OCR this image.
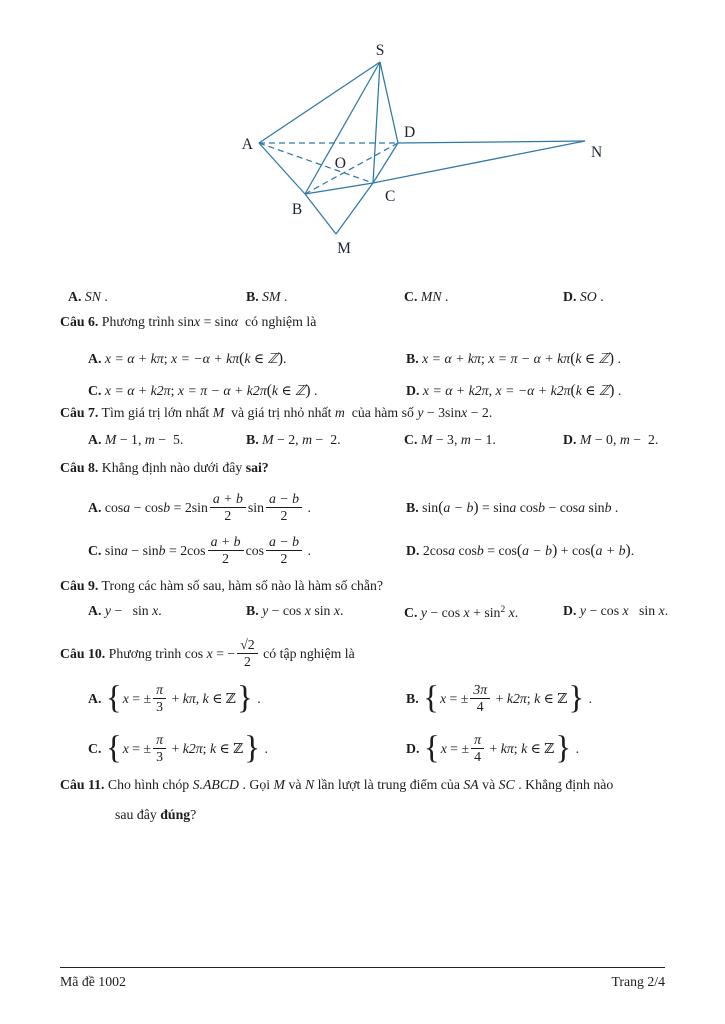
S
A
B
C
D
N
M
O
A. SN .	B. SM .	C. MN .	D. SO .
Câu 6. Phương trình sinx = sinα  có nghiệm là
A. x = α + kπ; x = −α + kπ(k ∈ ℤ).	B. x = α + kπ; x = π − α + kπ(k ∈ ℤ) .
C. x = α + k2π; x = π − α + k2π(k ∈ ℤ) .	D. x = α + k2π, x = −α + k2π(k ∈ ℤ) .
Câu 7. Tìm giá trị lớn nhất M  và giá trị nhỏ nhất m  của hàm số y − 3sinx − 2.
A. M − 1, m −  5.	B. M − 2, m −  2.	C. M − 3, m − 1.	D. M − 0, m −  2.
Câu 8. Khẳng định nào dưới đây sai?
A. $\cos a - \cos b = 2\sin \frac{a + b}{2}$ $\sin \frac{a - b}{2}$ .	B. sin ( a − b ) = sin a cos b − cos a sin b .
C. $\sin a - \sin b = 2\cos \frac{a + b}{2}$ $\cos \frac{a - b}{2}$ .	D. 2cos a cos b = cos ( a − b ) + cos ( a + b ) .
Câu 9. Trong các hàm số sau, hàm số nào là hàm số chẵn?
A. y −   sin x.	B. y − cos x sin x.	C. $y - \cos x + \sin^2 x$.	D. y − cos x   sin x.
Câu 10. Phương trình cos x = − $\frac{√2}{2}$ có tập nghiệm là
A. { x = ± $\frac{\pi}{3} + k\pi$ , k ∈ ℤ } .	B. { x = ± $\frac{3\pi}{4} + k2\pi$ ; k ∈ ℤ } .
C. { x = ± $\frac{\pi}{3} + k2\pi$ ; k ∈ ℤ } .	D. { x = ± $\frac{\pi}{4} + k\pi$ ; k ∈ ℤ } .
Câu 11. Cho hình chóp S.ABCD . Gọi M và N lần lượt là trung điểm của SA và SC . Khẳng định nào
sau đây đúng?
Mã đề 1002	Trang 2/4
